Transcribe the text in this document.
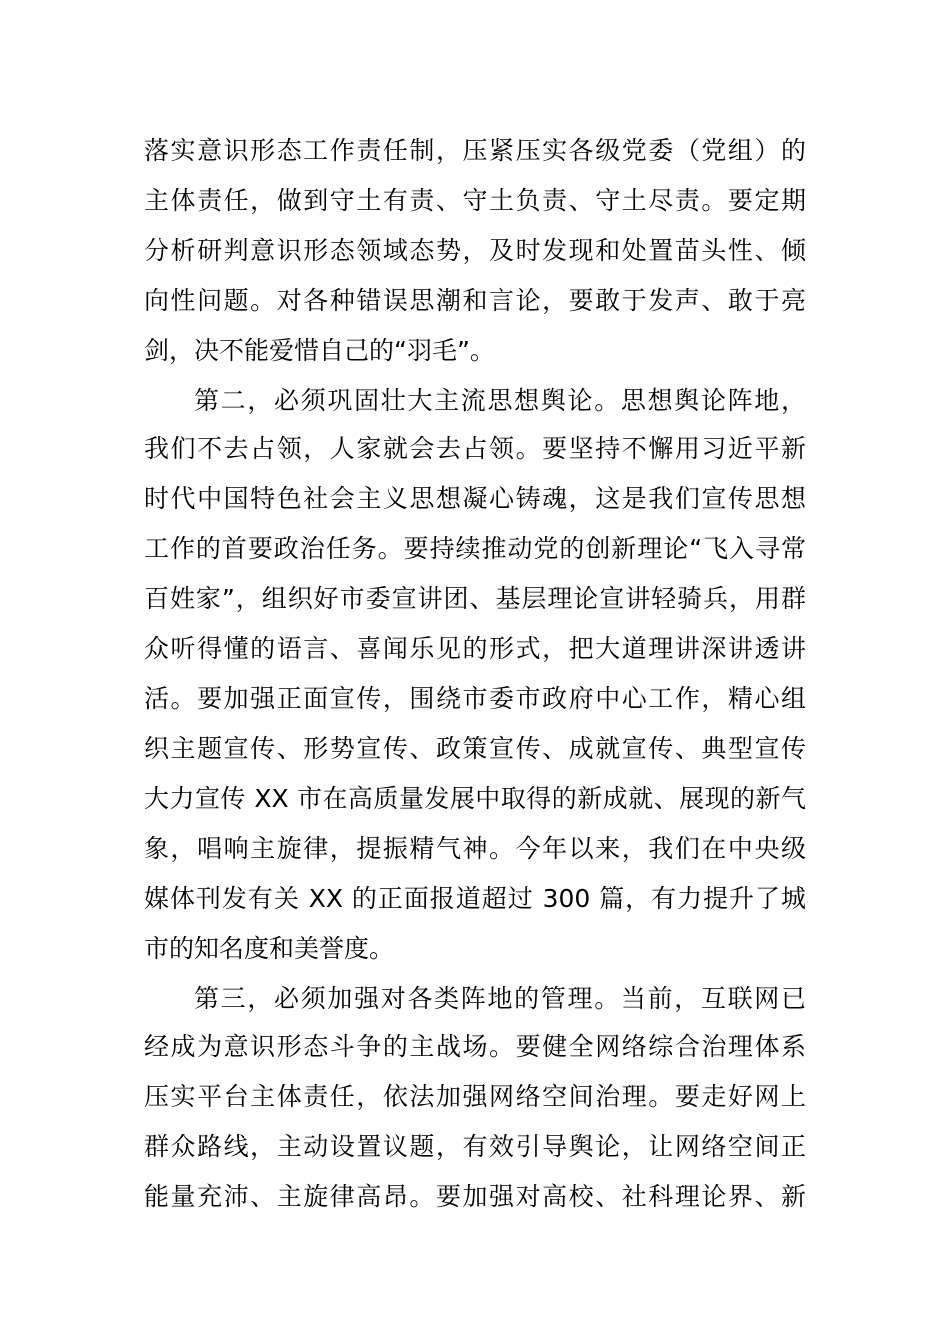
落实意识形态工作责任制，压紧压实各级党委（党组）的
主体责任，做到守土有责、守土负责、守土尽责。要定期
分析研判意识形态领域态势，及时发现和处置苗头性、倾
向性问题。对各种错误思潮和言论，要敢于发声、敢于亮
剑，决不能爱惜自己的“羽毛”。
第二，必须巩固壮大主流思想舆论。思想舆论阵地，
我们不去占领，人家就会去占领。要坚持不懈用习近平新
时代中国特色社会主义思想凝心铸魂，这是我们宣传思想
工作的首要政治任务。要持续推动党的创新理论“飞入寻常
百姓家”，组织好市委宣讲团、基层理论宣讲轻骑兵，用群
众听得懂的语言、喜闻乐见的形式，把大道理讲深讲透讲
活。要加强正面宣传，围绕市委市政府中心工作，精心组
织主题宣传、形势宣传、政策宣传、成就宣传、典型宣传
大力宣传 XX 市在高质量发展中取得的新成就、展现的新气
象，唱响主旋律，提振精气神。今年以来，我们在中央级
媒体刊发有关 XX 的正面报道超过 300 篇，有力提升了城
市的知名度和美誉度。
第三，必须加强对各类阵地的管理。当前，互联网已
经成为意识形态斗争的主战场。要健全网络综合治理体系
压实平台主体责任，依法加强网络空间治理。要走好网上
群众路线，主动设置议题，有效引导舆论，让网络空间正
能量充沛、主旋律高昂。要加强对高校、社科理论界、新
